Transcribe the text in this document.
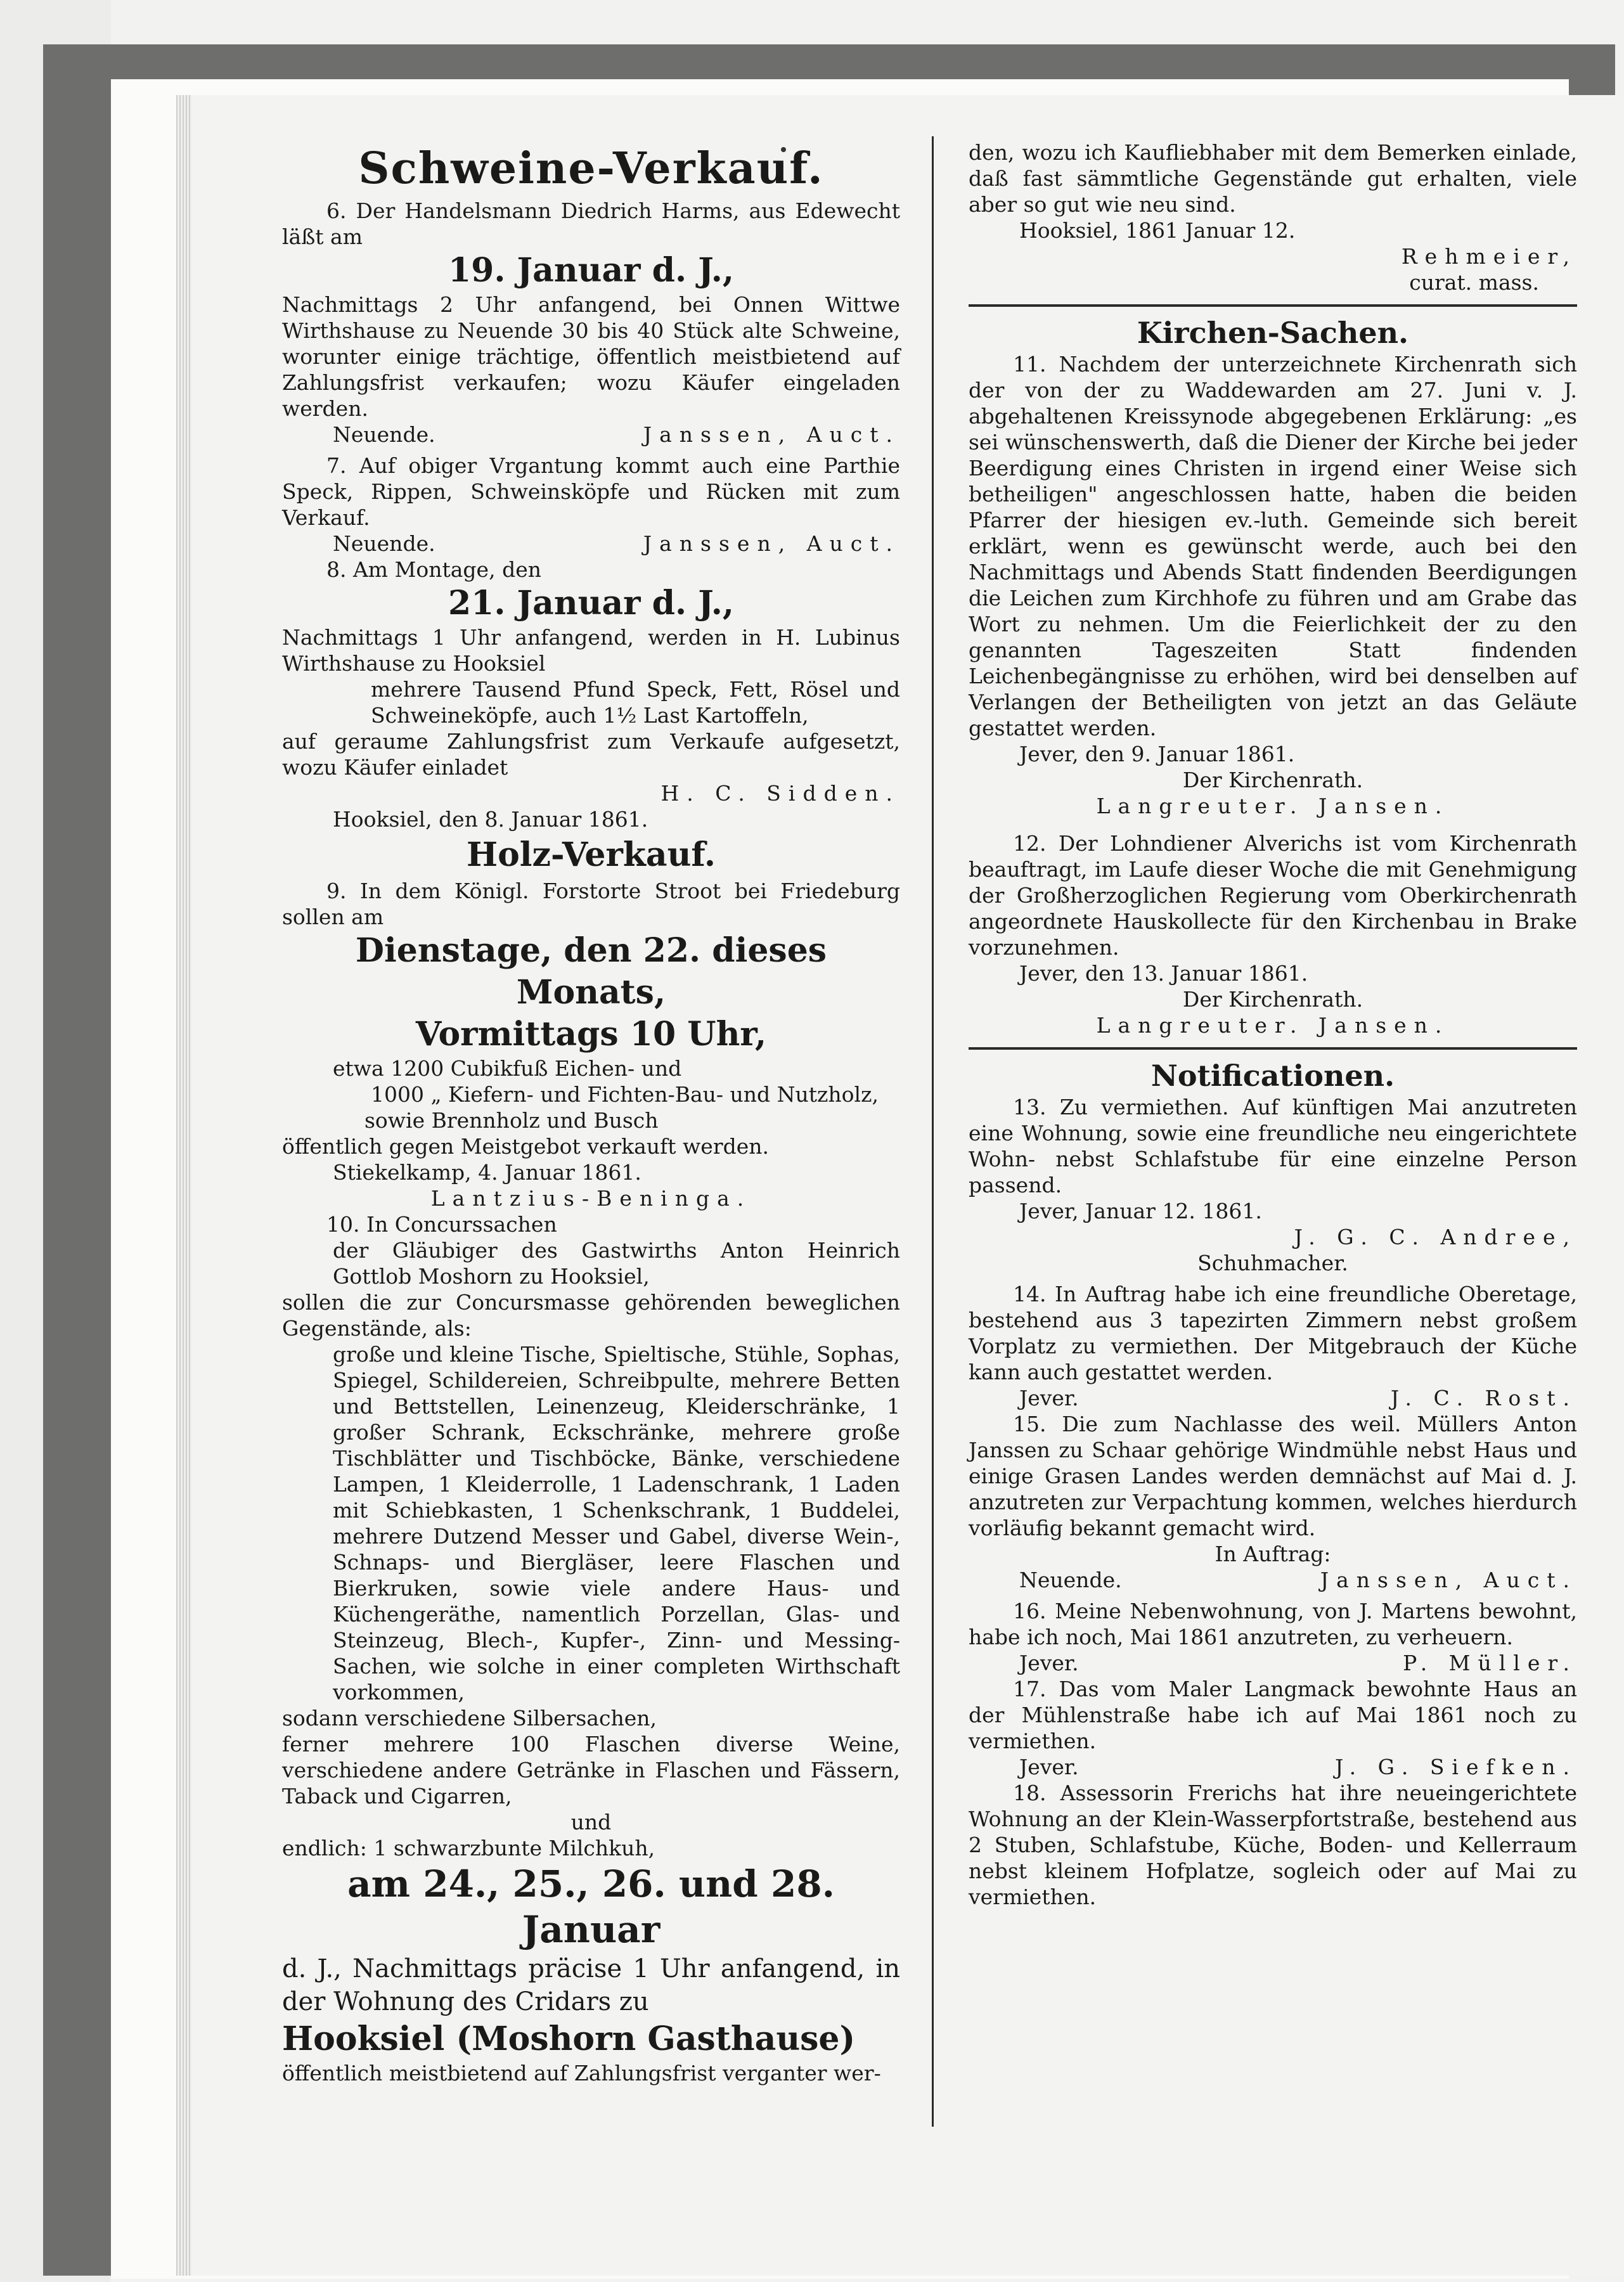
Schweine-Verkauf.

6. Der Handelsmann Diedrich Harms, aus Edewecht läßt am

19. Januar d. J.,

Nachmittags 2 Uhr anfangend, bei Onnen Wittwe Wirthshause zu Neuende 30 bis 40 Stück alte Schweine, worunter einige trächtige, öffentlich meistbietend auf Zahlungsfrist verkaufen; wozu Käufer eingeladen werden.

Neuende.	Janssen, Auct.

7. Auf obiger Vrgantung kommt auch eine Parthie Speck, Rippen, Schweinsköpfe und Rücken mit zum Verkauf.

Neuende.	Janssen, Auct.

8. Am Montage, den

21. Januar d. J.,

Nachmittags 1 Uhr anfangend, werden in H. Lubinus Wirthshause zu Hooksiel

mehrere Tausend Pfund Speck, Fett, Rösel und Schweineköpfe, auch 1½ Last Kartoffeln,

auf geraume Zahlungsfrist zum Verkaufe aufgesetzt, wozu Käufer einladet

H. C. Sidden.

Hooksiel, den 8. Januar 1861.

Holz-Verkauf.

9. In dem Königl. Forstorte Stroot bei Friedeburg sollen am

Dienstage, den 22. dieses Monats,
Vormittags 10 Uhr,

etwa 1200 Cubikfuß Eichen- und

1000 „ Kiefern- und Fichten-Bau- und Nutzholz,

sowie Brennholz und Busch

öffentlich gegen Meistgebot verkauft werden.

Stiekelkamp, 4. Januar 1861.

Lantzius-Beninga.

10. In Concurssachen

der Gläubiger des Gastwirths Anton Heinrich Gottlob Moshorn zu Hooksiel,

sollen die zur Concursmasse gehörenden beweglichen Gegenstände, als:

große und kleine Tische, Spieltische, Stühle, Sophas, Spiegel, Schildereien, Schreibpulte, mehrere Betten und Bettstellen, Leinenzeug, Kleiderschränke, 1 großer Schrank, Eckschränke, mehrere große Tischblätter und Tischböcke, Bänke, verschiedene Lampen, 1 Kleiderrolle, 1 Ladenschrank, 1 Laden mit Schiebkasten, 1 Schenkschrank, 1 Buddelei, mehrere Dutzend Messer und Gabel, diverse Wein-, Schnaps- und Biergläser, leere Flaschen und Bierkruken, sowie viele andere Haus- und Küchengeräthe, namentlich Porzellan, Glas- und Steinzeug, Blech-, Kupfer-, Zinn- und Messing-Sachen, wie solche in einer completen Wirthschaft vorkommen,

sodann verschiedene Silbersachen,

ferner mehrere 100 Flaschen diverse Weine, verschiedene andere Getränke in Flaschen und Fässern, Taback und Cigarren,

und

endlich: 1 schwarzbunte Milchkuh,

am 24., 25., 26. und 28. Januar

d. J., Nachmittags präcise 1 Uhr anfangend, in der Wohnung des Cridars zu

Hooksiel (Moshorn Gasthause)

öffentlich meistbietend auf Zahlungsfrist verganter wer-

den, wozu ich Kaufliebhaber mit dem Bemerken einlade, daß fast sämmtliche Gegenstände gut erhalten, viele aber so gut wie neu sind.

Hooksiel, 1861 Januar 12.

Rehmeier,
curat. mass.
Kirchen-Sachen.

11. Nachdem der unterzeichnete Kirchenrath sich der von der zu Waddewarden am 27. Juni v. J. abgehaltenen Kreissynode abgegebenen Erklärung: „es sei wünschenswerth, daß die Diener der Kirche bei jeder Beerdigung eines Christen in irgend einer Weise sich betheiligen" angeschlossen hatte, haben die beiden Pfarrer der hiesigen ev.-luth. Gemeinde sich bereit erklärt, wenn es gewünscht werde, auch bei den Nachmittags und Abends Statt findenden Beerdigungen die Leichen zum Kirchhofe zu führen und am Grabe das Wort zu nehmen. Um die Feierlichkeit der zu den genannten Tageszeiten Statt findenden Leichenbegängnisse zu erhöhen, wird bei denselben auf Verlangen der Betheiligten von jetzt an das Geläute gestattet werden.

Jever, den 9. Januar 1861.

Der Kirchenrath.
Langreuter. Jansen.

12. Der Lohndiener Alverichs ist vom Kirchenrath beauftragt, im Laufe dieser Woche die mit Genehmigung der Großherzoglichen Regierung vom Oberkirchenrath angeordnete Hauskollecte für den Kirchenbau in Brake vorzunehmen.

Jever, den 13. Januar 1861.

Der Kirchenrath.
Langreuter. Jansen.
Notificationen.

13. Zu vermiethen. Auf künftigen Mai anzutreten eine Wohnung, sowie eine freundliche neu eingerichtete Wohn- nebst Schlafstube für eine einzelne Person passend.

Jever, Januar 12. 1861.

J. G. C. Andree,
Schuhmacher.

14. In Auftrag habe ich eine freundliche Oberetage, bestehend aus 3 tapezirten Zimmern nebst großem Vorplatz zu vermiethen. Der Mitgebrauch der Küche kann auch gestattet werden.

Jever.	J. C. Rost.

15. Die zum Nachlasse des weil. Müllers Anton Janssen zu Schaar gehörige Windmühle nebst Haus und einige Grasen Landes werden demnächst auf Mai d. J. anzutreten zur Verpachtung kommen, welches hierdurch vorläufig bekannt gemacht wird.

In Auftrag:
Neuende.	Janssen, Auct.

16. Meine Nebenwohnung, von J. Martens bewohnt, habe ich noch, Mai 1861 anzutreten, zu verheuern.

Jever.	P. Müller.

17. Das vom Maler Langmack bewohnte Haus an der Mühlenstraße habe ich auf Mai 1861 noch zu vermiethen.

Jever.	J. G. Siefken.

18. Assessorin Frerichs hat ihre neueingerichtete Wohnung an der Klein-Wasserpfortstraße, bestehend aus 2 Stuben, Schlafstube, Küche, Boden- und Kellerraum nebst kleinem Hofplatze, sogleich oder auf Mai zu vermiethen.
